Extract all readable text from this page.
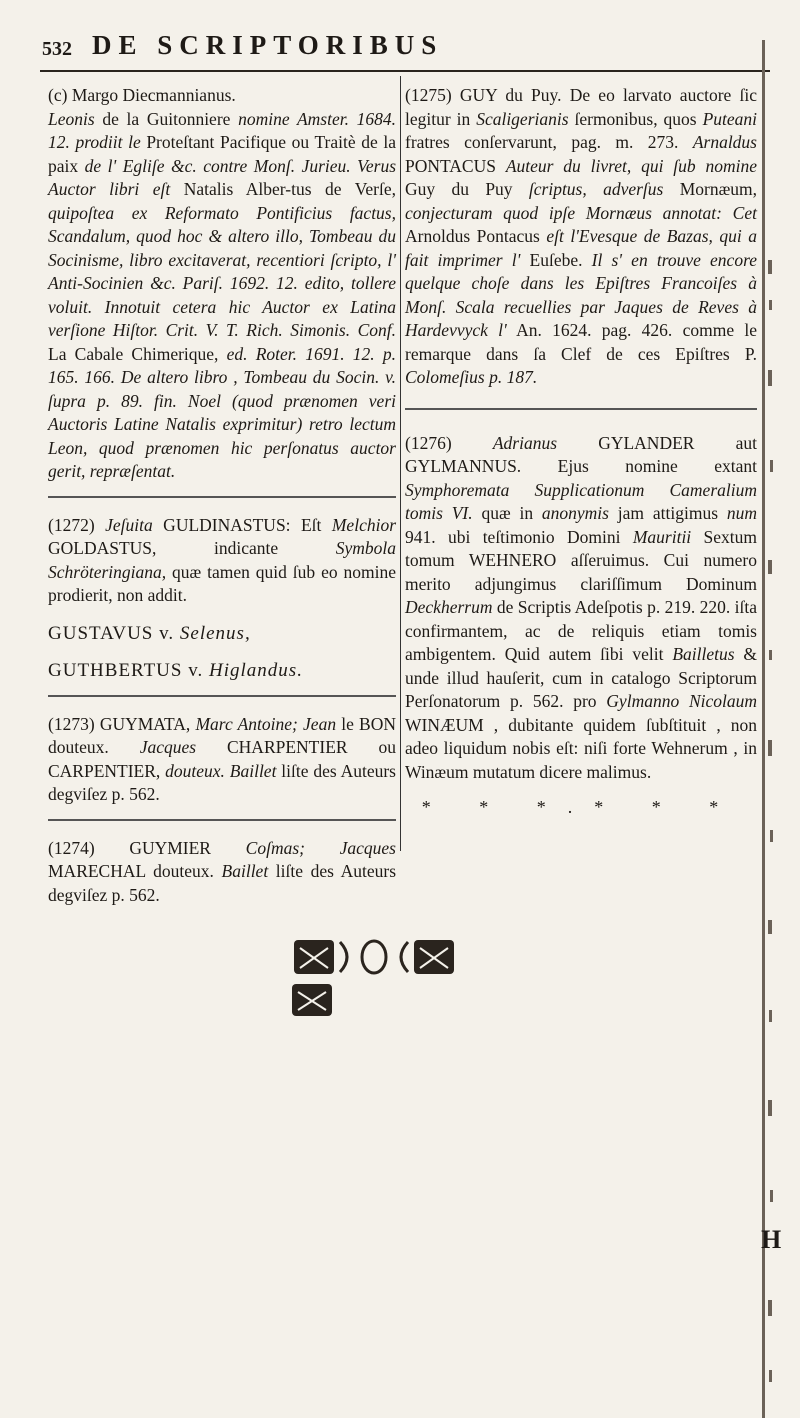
532 DE SCRIPTORIBUS

(c) Margo Diecmannianus.
Leonis de la Guitonniere nomine Amster. 1684. 12. prodiit le Proteſtant Pacifique ou Traitè de la paix de l' Egliſe &c. contre Monſ. Jurieu. Verus Auctor libri eſt Natalis Alber-tus de Verſe, quipoſtea ex Reformato Pontificius factus, Scandalum, quod hoc & altero illo, Tombeau du Socinisme, libro excitaverat, recentiori ſcripto, l' Anti-Socinien &c. Pariſ. 1692. 12. edito, tollere voluit. Innotuit cetera hic Auctor ex Latina verſione Hiſtor. Crit. V. T. Rich. Simonis. Conf. La Cabale Chimerique, ed. Roter. 1691. 12. p. 165. 166. De altero libro , Tombeau du Socin. v. ſupra p. 89. fin. Noel (quod prænomen veri Auctoris Latine Natalis exprimitur) retro lectum Leon, quod prænomen hic perſonatus auctor gerit, repræſentat.

(1272) Jeſuita GULDINASTUS: Eſt Melchior GOLDASTUS, indicante Symbola Schröteringiana, quæ tamen quid ſub eo nomine prodierit, non addit.

GUSTAVUS v. Selenus,

GUTHBERTUS v. Higlandus.

(1273) GUYMATA, Marc Antoine; Jean le BON douteux. Jacques CHARPENTIER ou CARPENTIER, douteux. Baillet liſte des Auteurs degviſez p. 562.

(1274) GUYMIER Coſmas; Jacques MARECHAL douteux. Baillet liſte des Auteurs degviſez p. 562.

(1275) GUY du Puy. De eo larvato auctore ſic legitur in Scaligerianis ſermonibus, quos Puteani fratres conſervarunt, pag. m. 273. Arnaldus PONTACUS Auteur du livret, qui ſub nomine Guy du Puy ſcriptus, adverſus Mornæum, conjecturam quod ipſe Mornæus annotat: Cet Arnoldus Pontacus eſt l'Evesque de Bazas, qui a fait imprimer l' Euſebe. Il s' en trouve encore quelque choſe dans les Epiſtres Francoiſes à Monſ. Scala recuellies par Jaques de Reves à Hardevvyck l' An. 1624. pag. 426. comme le remarque dans ſa Clef de ces Epiſtres P. Colomeſius p. 187.

(1276) Adrianus GYLANDER aut GYLMANNUS. Ejus nomine extant Symphoremata Supplicationum Cameralium tomis VI. quæ in anonymis jam attigimus num 941. ubi teſtimonio Domini Mauritii Sextum tomum WEHNERO aſſeruimus. Cui numero merito adjungimus clariſſimum Dominum Deckherrum de Scriptis Adeſpotis p. 219. 220. iſta confirmantem, ac de reliquis etiam tomis ambigentem. Quid autem ſibi velit Bailletus & unde illud hauſerit, cum in catalogo Scriptorum Perſonatorum p. 562. pro Gylmanno Nicolaum WINÆUM , dubitante quidem ſubſtituit , non adeo liquidum nobis eſt: niſi forte Wehnerum , in Winæum mutatum dicere malimus.

* * *.* * *
H
